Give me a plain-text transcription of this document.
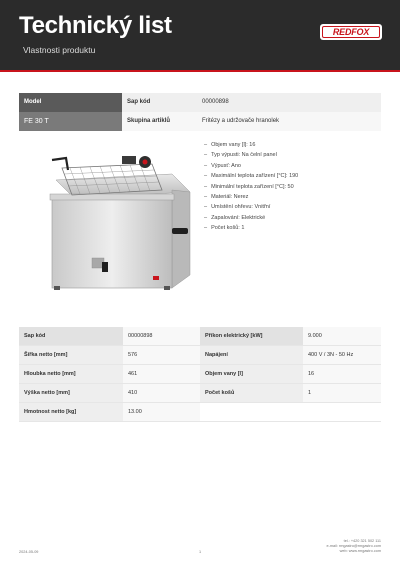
Technický list
Vlastnosti produktu
REDFOX
Model	Sap kód	00000898
FE 30 T	Skupina artiklů	Fritézy a udržovače hranolek
– Objem vany [l]: 16
– Typ výpusti: Na čelní panel
– Výpusť: Ano
– Maximální teplota zařízení [°C]: 190
– Minimální teplota zařízení [°C]: 50
– Materiál: Nerez
– Umístění ohřevu: Vnitřní
– Zapalování: Elektrické
– Počet košů: 1
Sap kód	00000898	Příkon elektrický [kW]	9.000
Šířka netto [mm]	576	Napájení	400 V / 3N - 50 Hz
Hloubka netto [mm]	461	Objem vany [l]	16
Výška netto [mm]	410	Počet košů	1
Hmotnost netto [kg]	13.00
tel.: +420 321 502 111
e-mail: rmgastro@rmgastro.com
web: www.rmgastro.com
2024-05-09	1
